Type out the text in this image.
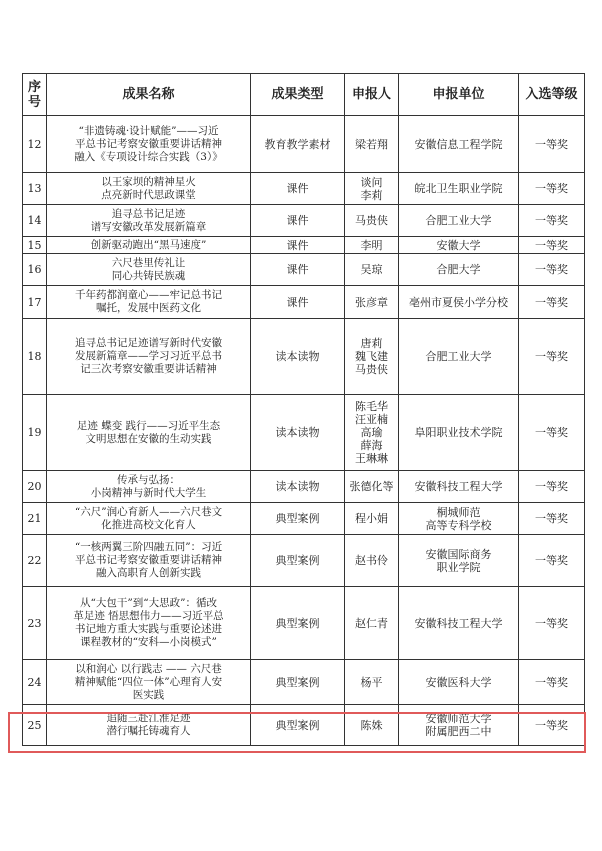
序
号	成果名称	成果类型	申报人	申报单位	入选等级
12	“非遗铸魂·设计赋能”——习近
平总书记考察安徽重要讲话精神
融入《专项设计综合实践（3）》	教育教学素材	梁若翔	安徽信息工程学院	一等奖
13	以王家坝的精神星火
点亮新时代思政课堂	课件	谈问
李莉	皖北卫生职业学院	一等奖
14	追寻总书记足迹
谱写安徽改革发展新篇章	课件	马贵侠	合肥工业大学	一等奖
15	创新驱动跑出“黑马速度”	课件	李明	安徽大学	一等奖
16	六尺巷里传礼让
同心共铸民族魂	课件	吴琼	合肥大学	一等奖
17	千年药都润童心——牢记总书记
嘱托，发展中医药文化	课件	张彦章	亳州市夏侯小学分校	一等奖
18	追寻总书记足迹谱写新时代安徽
发展新篇章——学习习近平总书
记三次考察安徽重要讲话精神	读本读物	唐莉
魏飞建
马贵侠	合肥工业大学	一等奖
19	足迹 蝶变 践行——习近平生态
文明思想在安徽的生动实践	读本读物	陈毛华
汪亚楠
高瑜
薛海
王琳琳	阜阳职业技术学院	一等奖
20	传承与弘扬：
小岗精神与新时代大学生	读本读物	张德化等	安徽科技工程大学	一等奖
21	“六尺”润心育新人——六尺巷文
化推进高校文化育人	典型案例	程小娟	桐城师范
高等专科学校	一等奖
22	“一核两翼三阶四融五同”：习近
平总书记考察安徽重要讲话精神
融入高职育人创新实践	典型案例	赵书伶	安徽国际商务
职业学院	一等奖
23	从“大包干”到“大思政”：循改
革足迹 悟思想伟力——习近平总
书记地方重大实践与重要论述进
课程教材的“安科—小岗模式”	典型案例	赵仁青	安徽科技工程大学	一等奖
24	以和润心 以行践志 —— 六尺巷
精神赋能“四位一体”心理育人安
医实践	典型案例	杨平	安徽医科大学	一等奖
25	追随三赴江淮足迹
潜行嘱托铸魂育人	典型案例	陈姝	安徽师范大学
附属肥西二中	一等奖
